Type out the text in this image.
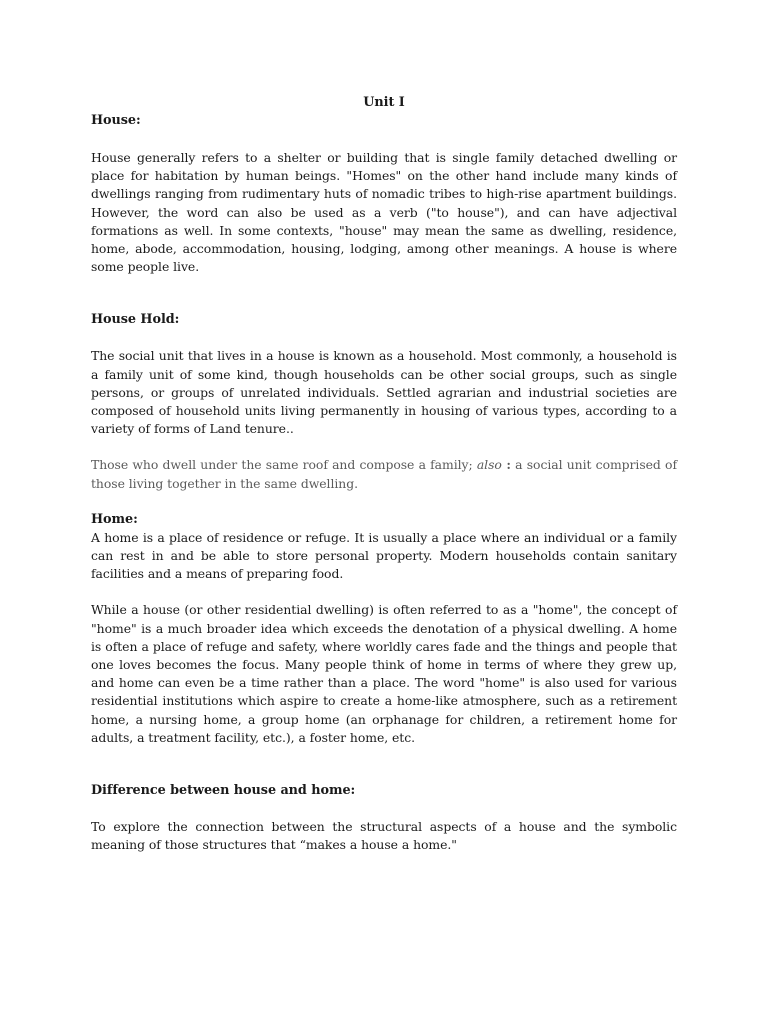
Unit I

House:

House generally refers to a shelter or building that is single family detached dwelling or place for habitation by human beings. "Homes" on the other hand include many kinds of dwellings ranging from rudimentary huts of nomadic tribes to high-rise apartment buildings. However, the word can also be used as a verb ("to house"), and can have adjectival formations as well. In some contexts, "house" may mean the same as dwelling, residence, home, abode, accommodation, housing, lodging, among other meanings. A house is where some people live.

House Hold:

The social unit that lives in a house is known as a household. Most commonly, a household is a family unit of some kind, though households can be other social groups, such as single persons, or groups of unrelated individuals. Settled agrarian and industrial societies are composed of household units living permanently in housing of various types, according to a variety of forms of Land tenure..

Those who dwell under the same roof and compose a family; also : a social unit comprised of those living together in the same dwelling.

Home:

A home is a place of residence or refuge. It is usually a place where an individual or a family can rest in and be able to store personal property. Modern households contain sanitary facilities and a means of preparing food.

While a house (or other residential dwelling) is often referred to as a "home", the concept of "home" is a much broader idea which exceeds the denotation of a physical dwelling. A home is often a place of refuge and safety, where worldly cares fade and the things and people that one loves becomes the focus. Many people think of home in terms of where they grew up, and home can even be a time rather than a place. The word "home" is also used for various residential institutions which aspire to create a home-like atmosphere, such as a retirement home, a nursing home, a group home (an orphanage for children, a retirement home for adults, a treatment facility, etc.), a foster home, etc.

Difference between house and home:

To explore the connection between the structural aspects of a house and the symbolic meaning of those structures that “makes a house a home."
